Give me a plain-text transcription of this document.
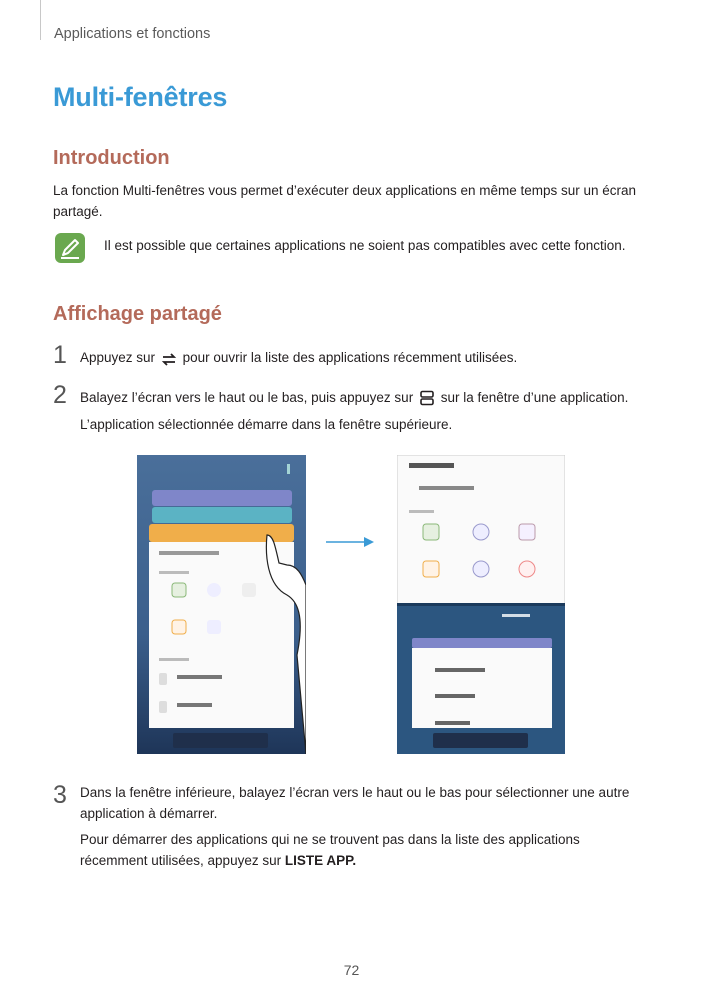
Applications et fonctions
Multi-fenêtres
Introduction
La fonction Multi-fenêtres vous permet d’exécuter deux applications en même temps sur un écran partagé.
Il est possible que certaines applications ne soient pas compatibles avec cette fonction.
Affichage partagé
1 Appuyez sur pour ouvrir la liste des applications récemment utilisées.
2 Balayez l’écran vers le haut ou le bas, puis appuyez sur sur la fenêtre d’une application.
L’application sélectionnée démarre dans la fenêtre supérieure.
3 Dans la fenêtre inférieure, balayez l’écran vers le haut ou le bas pour sélectionner une autre application à démarrer.
Pour démarrer des applications qui ne se trouvent pas dans la liste des applications récemment utilisées, appuyez sur LISTE APP.
72
